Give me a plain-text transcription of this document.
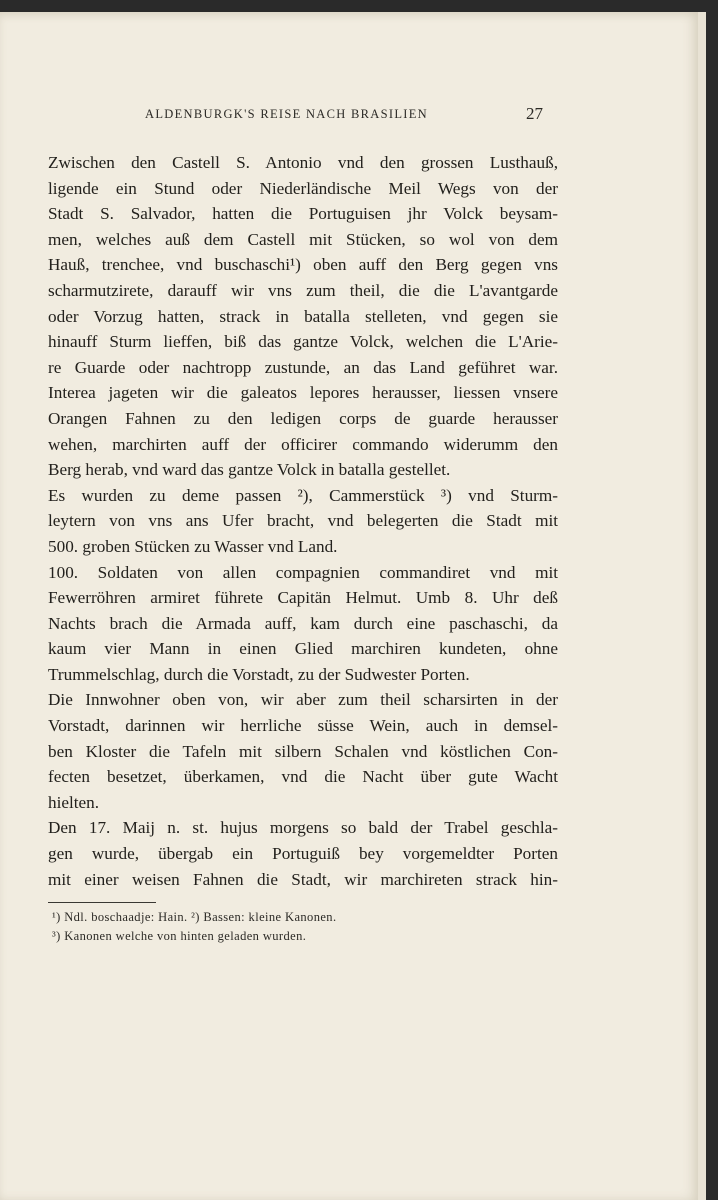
ALDENBURGK'S REISE NACH BRASILIEN	27
Zwischen den Castell S. Antonio vnd den grossen Lusthauß,
ligende ein Stund oder Niederländische Meil Wegs von der
Stadt S. Salvador, hatten die Portuguisen jhr Volck beysam-
men, welches auß dem Castell mit Stücken, so wol von dem
Hauß, trenchee, vnd buschaschi¹) oben auff den Berg gegen vns
scharmutzirete, darauff wir vns zum theil, die die L'avantgarde
oder Vorzug hatten, strack in batalla stelleten, vnd gegen sie
hinauff Sturm lieffen, biß das gantze Volck, welchen die L'Arie-
re Guarde oder nachtropp zustunde, an das Land geführet war.
Interea jageten wir die galeatos lepores herausser, liessen vnsere
Orangen Fahnen zu den ledigen corps de guarde herausser
wehen, marchirten auff der officirer commando widerumm den
Berg herab, vnd ward das gantze Volck in batalla gestellet.
Es wurden zu deme passen ²), Cammerstück ³) vnd Sturm-
leytern von vns ans Ufer bracht, vnd belegerten die Stadt mit
500. groben Stücken zu Wasser vnd Land.
100. Soldaten von allen compagnien commandiret vnd mit
Fewerröhren armiret führete Capitän Helmut. Umb 8. Uhr deß
Nachts brach die Armada auff, kam durch eine paschaschi, da
kaum vier Mann in einen Glied marchiren kundeten, ohne
Trummelschlag, durch die Vorstadt, zu der Sudwester Porten.
Die Innwohner oben von, wir aber zum theil scharsirten in der
Vorstadt, darinnen wir herrliche süsse Wein, auch in demsel-
ben Kloster die Tafeln mit silbern Schalen vnd köstlichen Con-
fecten besetzet, überkamen, vnd die Nacht über gute Wacht
hielten.
Den 17. Maij n. st. hujus morgens so bald der Trabel geschla-
gen wurde, übergab ein Portuguiß bey vorgemeldter Porten
mit einer weisen Fahnen die Stadt, wir marchireten strack hin-
¹) Ndl. boschaadje: Hain. ²) Bassen: kleine Kanonen.
³) Kanonen welche von hinten geladen wurden.
